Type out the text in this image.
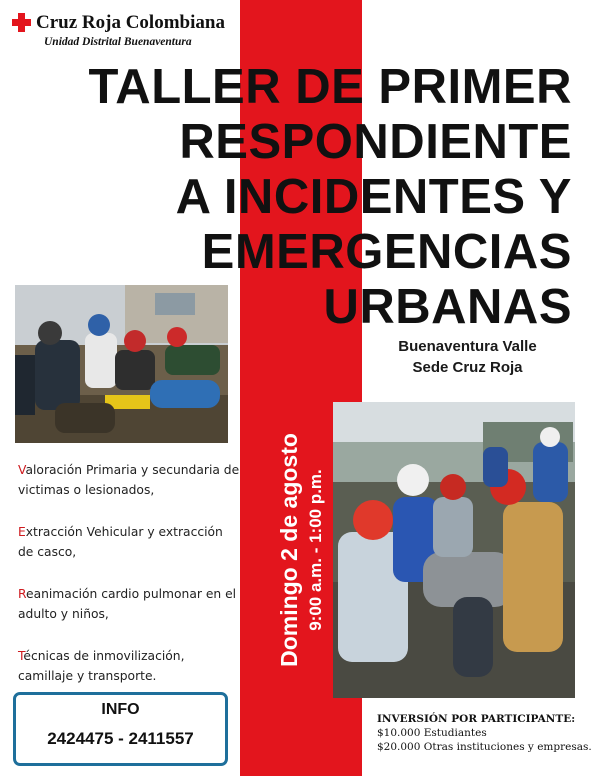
Cruz Roja Colombiana
Unidad Distrital Buenaventura
TALLER DE PRIMER
RESPONDIENTE
A INCIDENTES Y
EMERGENCIAS
URBANAS
Buenaventura Valle
Sede Cruz Roja
Domingo 2 de agosto 9:00 a.m. - 1:00 p.m.
Valoración Primaria y secundaria de victimas o lesionados,
Extracción Vehicular y extracción de casco,
Reanimación cardio pulmonar en el adulto y niños,
Técnicas de inmovilización, camillaje y transporte.
INFO
2424475 - 2411557
INVERSIÓN POR PARTICIPANTE:
$10.000 Estudiantes
$20.000 Otras instituciones y empresas.
